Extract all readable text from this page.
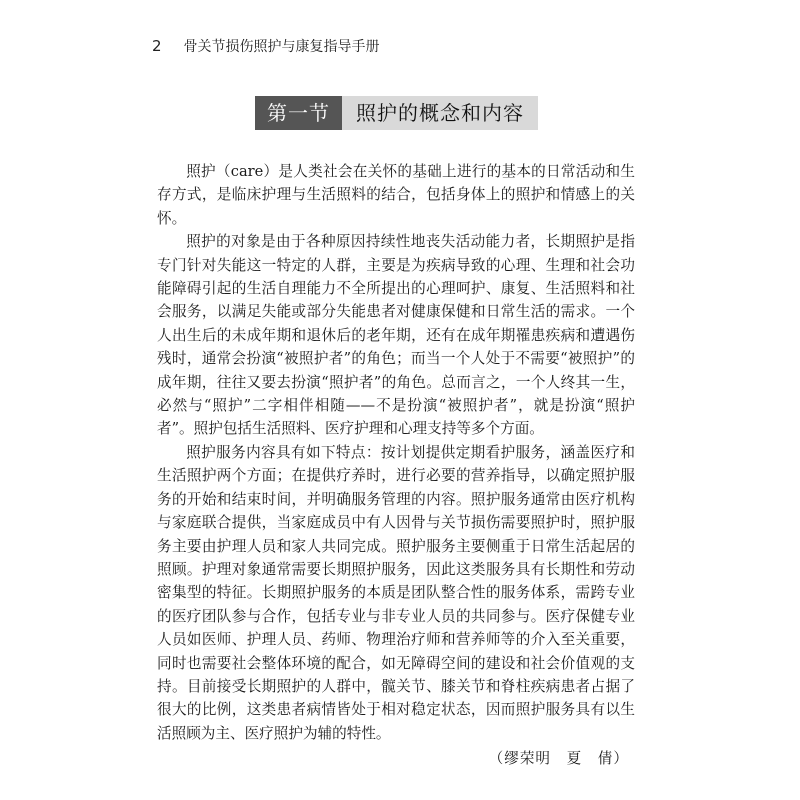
2 骨关节损伤照护与康复指导手册
第一节	照护的概念和内容

照护（care）是人类社会在关怀的基础上进行的基本的日常活动和生存方式，是临床护理与生活照料的结合，包括身体上的照护和情感上的关怀。

照护的对象是由于各种原因持续性地丧失活动能力者，长期照护是指专门针对失能这一特定的人群，主要是为疾病导致的心理、生理和社会功能障碍引起的生活自理能力不全所提出的心理呵护、康复、生活照料和社会服务，以满足失能或部分失能患者对健康保健和日常生活的需求。一个人出生后的未成年期和退休后的老年期，还有在成年期罹患疾病和遭遇伤残时，通常会扮演“被照护者”的角色；而当一个人处于不需要“被照护”的成年期，往往又要去扮演“照护者”的角色。总而言之，一个人终其一生，必然与“照护”二字相伴相随——不是扮演“被照护者”，就是扮演“照护者”。照护包括生活照料、医疗护理和心理支持等多个方面。

照护服务内容具有如下特点：按计划提供定期看护服务，涵盖医疗和生活照护两个方面；在提供疗养时，进行必要的营养指导，以确定照护服务的开始和结束时间，并明确服务管理的内容。照护服务通常由医疗机构与家庭联合提供，当家庭成员中有人因骨与关节损伤需要照护时，照护服务主要由护理人员和家人共同完成。照护服务主要侧重于日常生活起居的照顾。护理对象通常需要长期照护服务，因此这类服务具有长期性和劳动密集型的特征。长期照护服务的本质是团队整合性的服务体系，需跨专业的医疗团队参与合作，包括专业与非专业人员的共同参与。医疗保健专业人员如医师、护理人员、药师、物理治疗师和营养师等的介入至关重要，同时也需要社会整体环境的配合，如无障碍空间的建设和社会价值观的支持。目前接受长期照护的人群中，髋关节、膝关节和脊柱疾病患者占据了很大的比例，这类患者病情皆处于相对稳定状态，因而照护服务具有以生活照顾为主、医疗照护为辅的特性。

（缪荣明　夏　倩）
